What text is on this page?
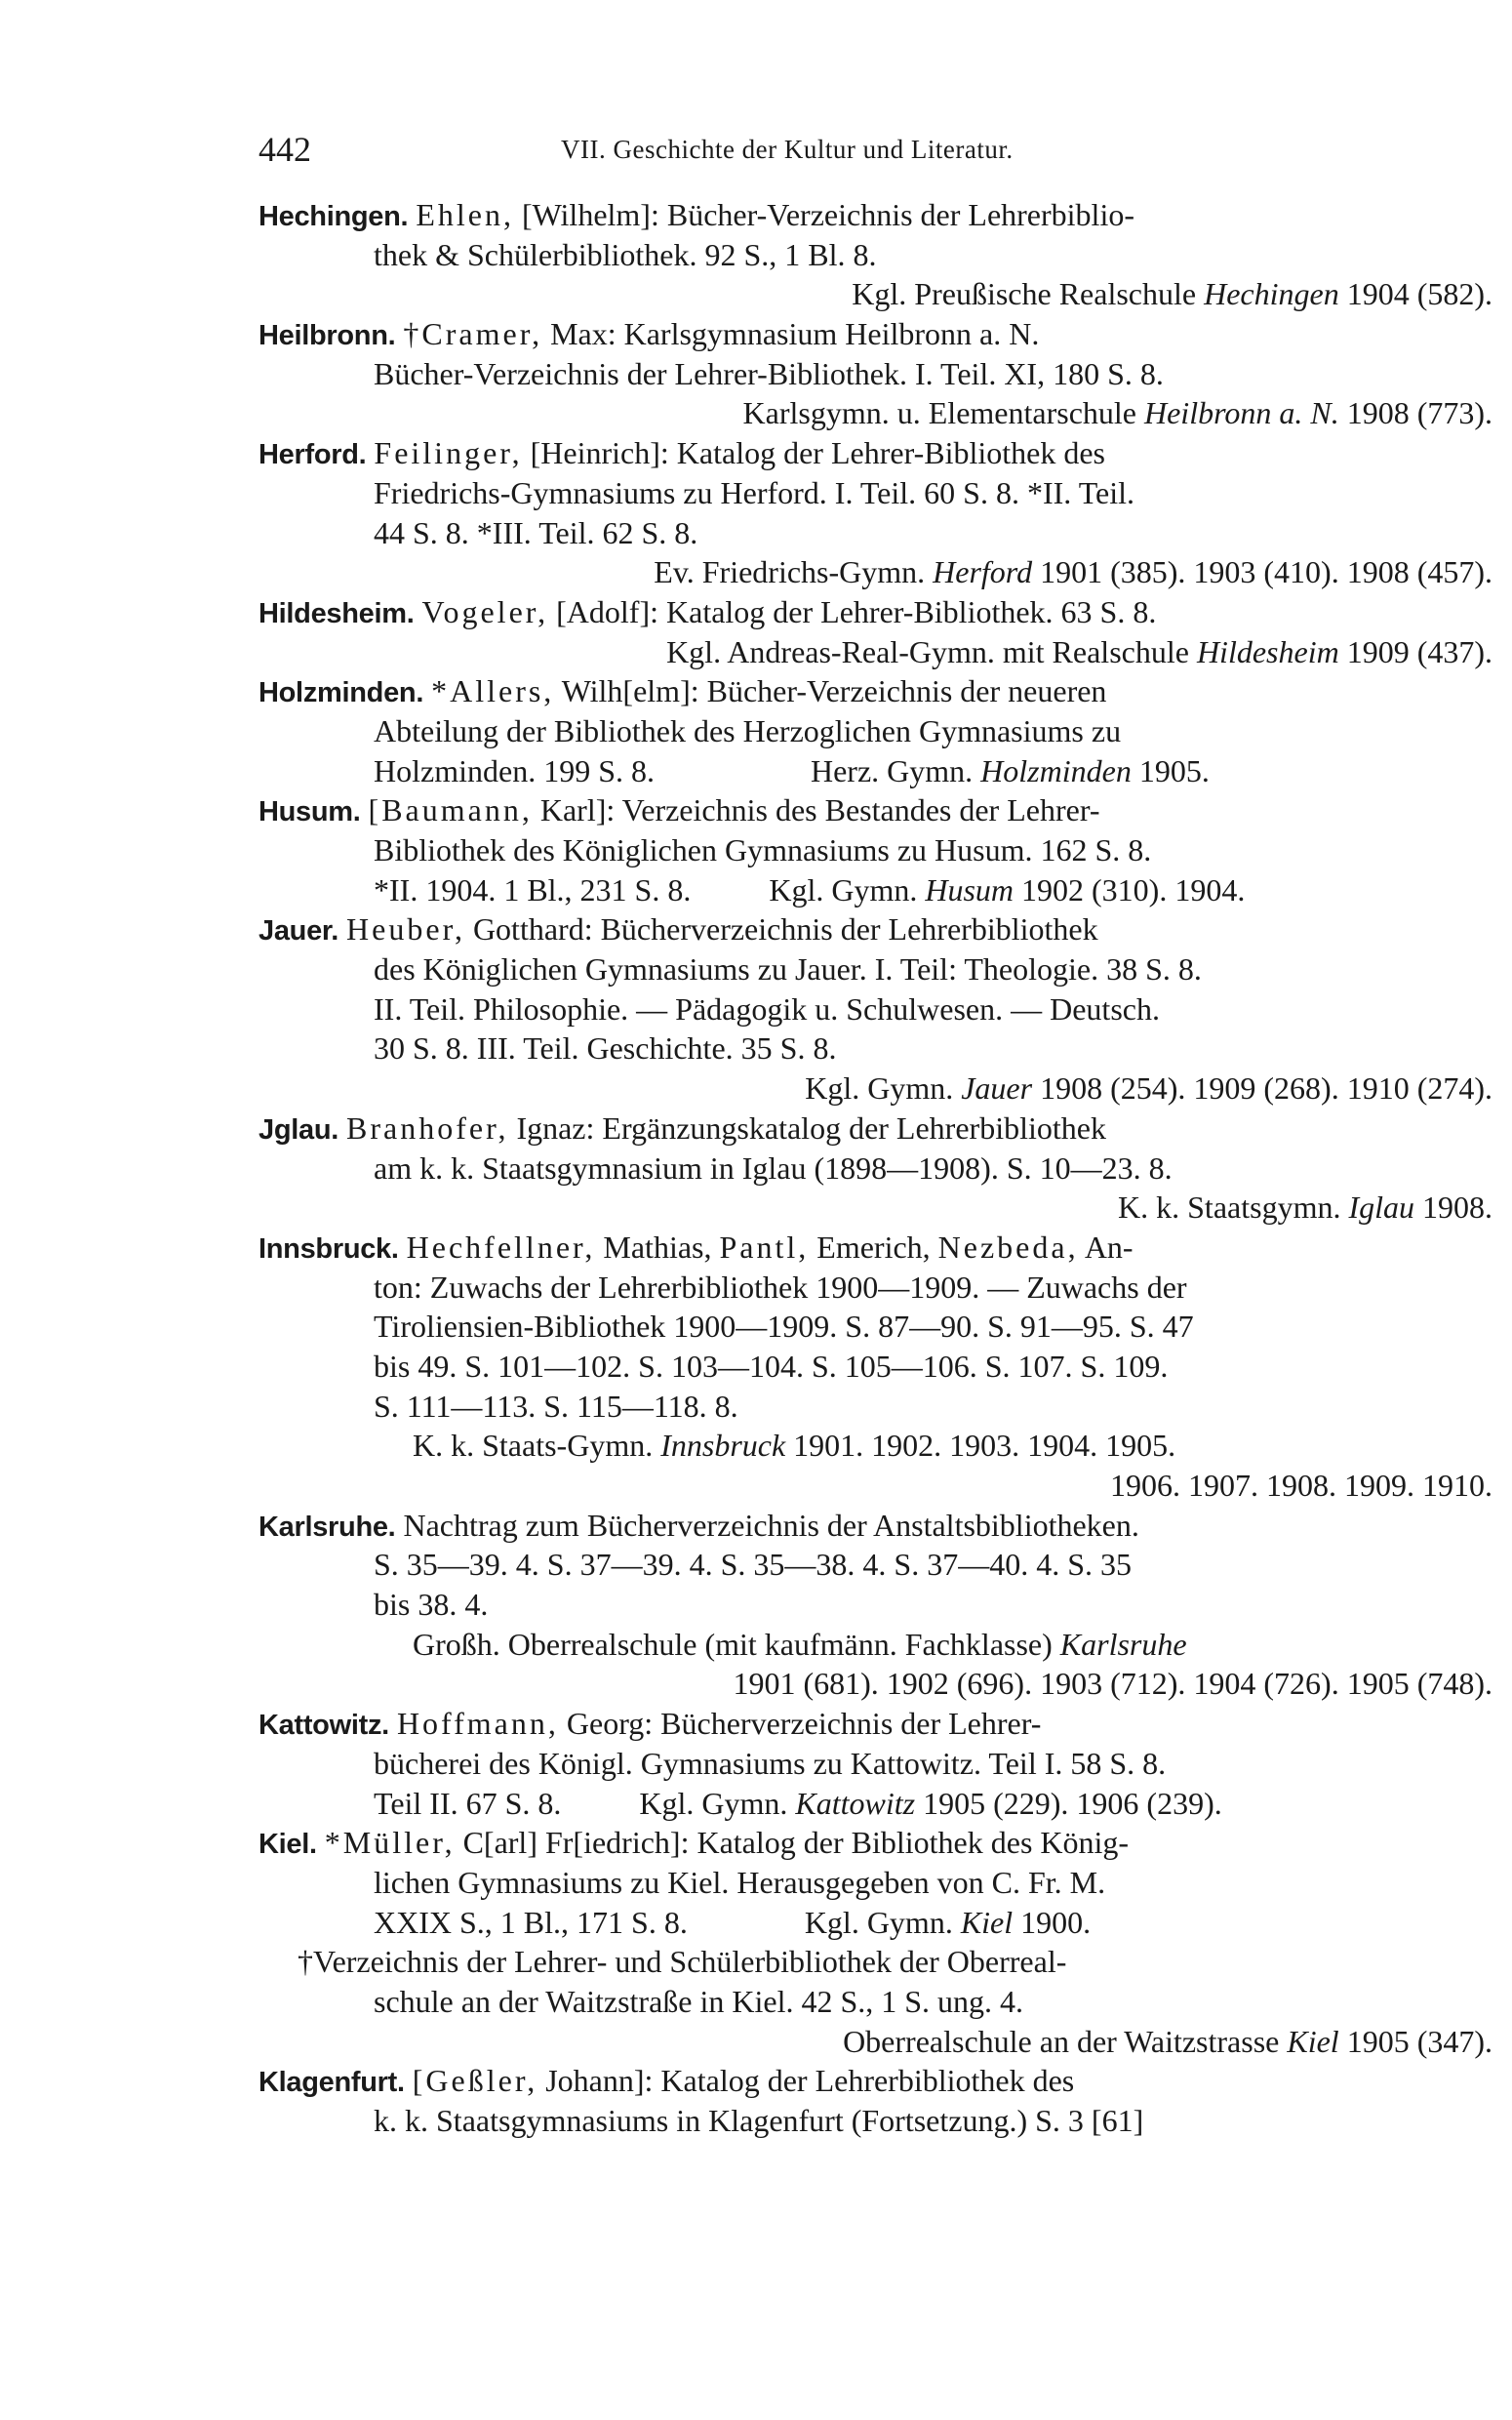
442	VII. Geschichte der Kultur und Literatur.
Hechingen. Ehlen, [Wilhelm]: Bücher-Verzeichnis der Lehrerbiblio-
thek & Schülerbibliothek. 92 S., 1 Bl. 8.
Kgl. Preußische Realschule Hechingen 1904 (582).
Heilbronn. †Cramer, Max: Karlsgymnasium Heilbronn a. N.
Bücher-Verzeichnis der Lehrer-Bibliothek. I. Teil. XI, 180 S. 8.
Karlsgymn. u. Elementarschule Heilbronn a. N. 1908 (773).
Herford. Feilinger, [Heinrich]: Katalog der Lehrer-Bibliothek des
Friedrichs-Gymnasiums zu Herford. I. Teil. 60 S. 8. *II. Teil.
44 S. 8. *III. Teil. 62 S. 8.
Ev. Friedrichs-Gymn. Herford 1901 (385). 1903 (410). 1908 (457).
Hildesheim. Vogeler, [Adolf]: Katalog der Lehrer-Bibliothek. 63 S. 8.
Kgl. Andreas-Real-Gymn. mit Realschule Hildesheim 1909 (437).
Holzminden. *Allers, Wilh[elm]: Bücher-Verzeichnis der neueren
Abteilung der Bibliothek des Herzoglichen Gymnasiums zu
Holzminden. 199 S. 8.	Herz. Gymn. Holzminden 1905.
Husum. [Baumann, Karl]: Verzeichnis des Bestandes der Lehrer-
Bibliothek des Königlichen Gymnasiums zu Husum. 162 S. 8.
*II. 1904. 1 Bl., 231 S. 8.	Kgl. Gymn. Husum 1902 (310). 1904.
Jauer. Heuber, Gotthard: Bücherverzeichnis der Lehrerbibliothek
des Königlichen Gymnasiums zu Jauer. I. Teil: Theologie. 38 S. 8.
II. Teil. Philosophie. — Pädagogik u. Schulwesen. — Deutsch.
30 S. 8. III. Teil. Geschichte. 35 S. 8.
Kgl. Gymn. Jauer 1908 (254). 1909 (268). 1910 (274).
Jglau. Branhofer, Ignaz: Ergänzungskatalog der Lehrerbibliothek
am k. k. Staatsgymnasium in Iglau (1898—1908). S. 10—23. 8.
K. k. Staatsgymn. Iglau 1908.
Innsbruck. Hechfellner, Mathias, Pantl, Emerich, Nezbeda, An-
ton: Zuwachs der Lehrerbibliothek 1900—1909. — Zuwachs der
Tiroliensien-Bibliothek 1900—1909. S. 87—90. S. 91—95. S. 47
bis 49. S. 101—102. S. 103—104. S. 105—106. S. 107. S. 109.
S. 111—113. S. 115—118. 8.
K. k. Staats-Gymn. Innsbruck 1901. 1902. 1903. 1904. 1905.
1906. 1907. 1908. 1909. 1910.
Karlsruhe. Nachtrag zum Bücherverzeichnis der Anstaltsbibliotheken.
S. 35—39. 4. S. 37—39. 4. S. 35—38. 4. S. 37—40. 4. S. 35
bis 38. 4.
Großh. Oberrealschule (mit kaufmänn. Fachklasse) Karlsruhe
1901 (681). 1902 (696). 1903 (712). 1904 (726). 1905 (748).
Kattowitz. Hoffmann, Georg: Bücherverzeichnis der Lehrer-
bücherei des Königl. Gymnasiums zu Kattowitz. Teil I. 58 S. 8.
Teil II. 67 S. 8.	Kgl. Gymn. Kattowitz 1905 (229). 1906 (239).
Kiel. *Müller, C[arl] Fr[iedrich]: Katalog der Bibliothek des König-
lichen Gymnasiums zu Kiel. Herausgegeben von C. Fr. M.
XXIX S., 1 Bl., 171 S. 8.	Kgl. Gymn. Kiel 1900.
†Verzeichnis der Lehrer- und Schülerbibliothek der Oberreal-
schule an der Waitzstraße in Kiel. 42 S., 1 S. ung. 4.
Oberrealschule an der Waitzstrasse Kiel 1905 (347).
Klagenfurt. [Geßler, Johann]: Katalog der Lehrerbibliothek des
k. k. Staatsgymnasiums in Klagenfurt (Fortsetzung.) S. 3 [61]
